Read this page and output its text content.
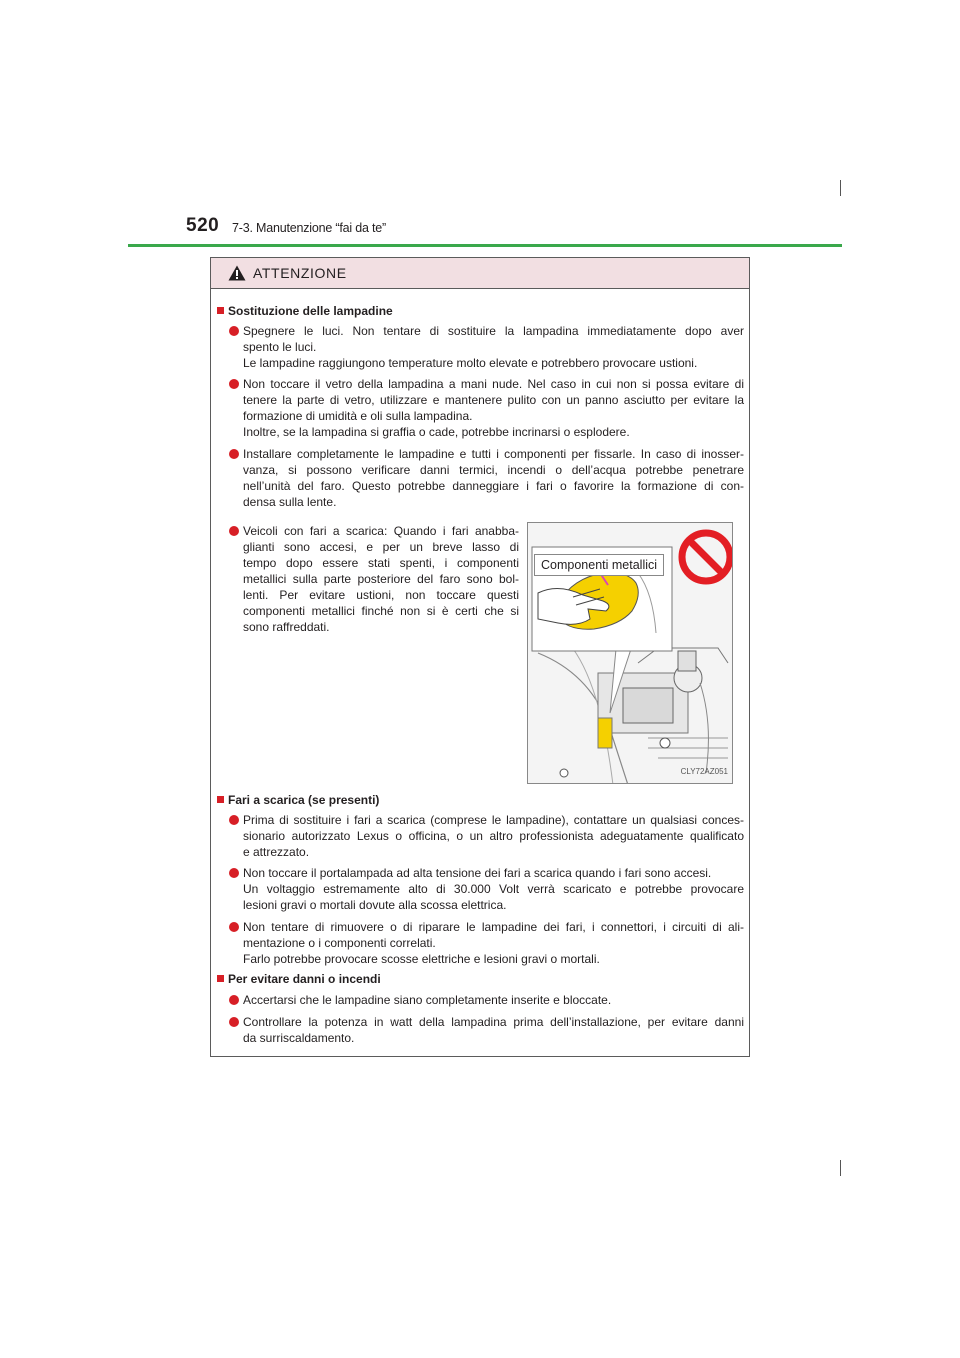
520 7-3. Manutenzione “fai da te”
ATTENZIONE
Sostituzione delle lampadine
Spegnere le luci. Non tentare di sostituire la lampadina immediatamente dopo aver
spento le luci.
Le lampadine raggiungono temperature molto elevate e potrebbero provocare ustioni.
Non toccare il vetro della lampadina a mani nude. Nel caso in cui non si possa evitare di
tenere la parte di vetro, utilizzare e mantenere pulito con un panno asciutto per evitare la
formazione di umidità e oli sulla lampadina.
Inoltre, se la lampadina si graffia o cade, potrebbe incrinarsi o esplodere.
Installare completamente le lampadine e tutti i componenti per fissarle. In caso di inosser-
vanza, si possono verificare danni termici, incendi o dell’acqua potrebbe penetrare
nell’unità del faro. Questo potrebbe danneggiare i fari o favorire la formazione di con-
densa sulla lente.
Veicoli con fari a scarica: Quando i fari anabba-
glianti sono accesi, e per un breve lasso di
tempo dopo essere stati spenti, i componenti
metallici sulla parte posteriore del faro sono bol-
lenti. Per evitare ustioni, non toccare questi
componenti metallici finché non si è certi che si
sono raffreddati.
Componenti metallici
CLY72AZ051
Fari a scarica (se presenti)
Prima di sostituire i fari a scarica (comprese le lampadine), contattare un qualsiasi conces-
sionario autorizzato Lexus o officina, o un altro professionista adeguatamente qualificato
e attrezzato.
Non toccare il portalampada ad alta tensione dei fari a scarica quando i fari sono accesi.
Un voltaggio estremamente alto di 30.000 Volt verrà scaricato e potrebbe provocare
lesioni gravi o mortali dovute alla scossa elettrica.
Non tentare di rimuovere o di riparare le lampadine dei fari, i connettori, i circuiti di ali-
mentazione o i componenti correlati.
Farlo potrebbe provocare scosse elettriche e lesioni gravi o mortali.
Per evitare danni o incendi
Accertarsi che le lampadine siano completamente inserite e bloccate.
Controllare la potenza in watt della lampadina prima dell’installazione, per evitare danni
da surriscaldamento.
